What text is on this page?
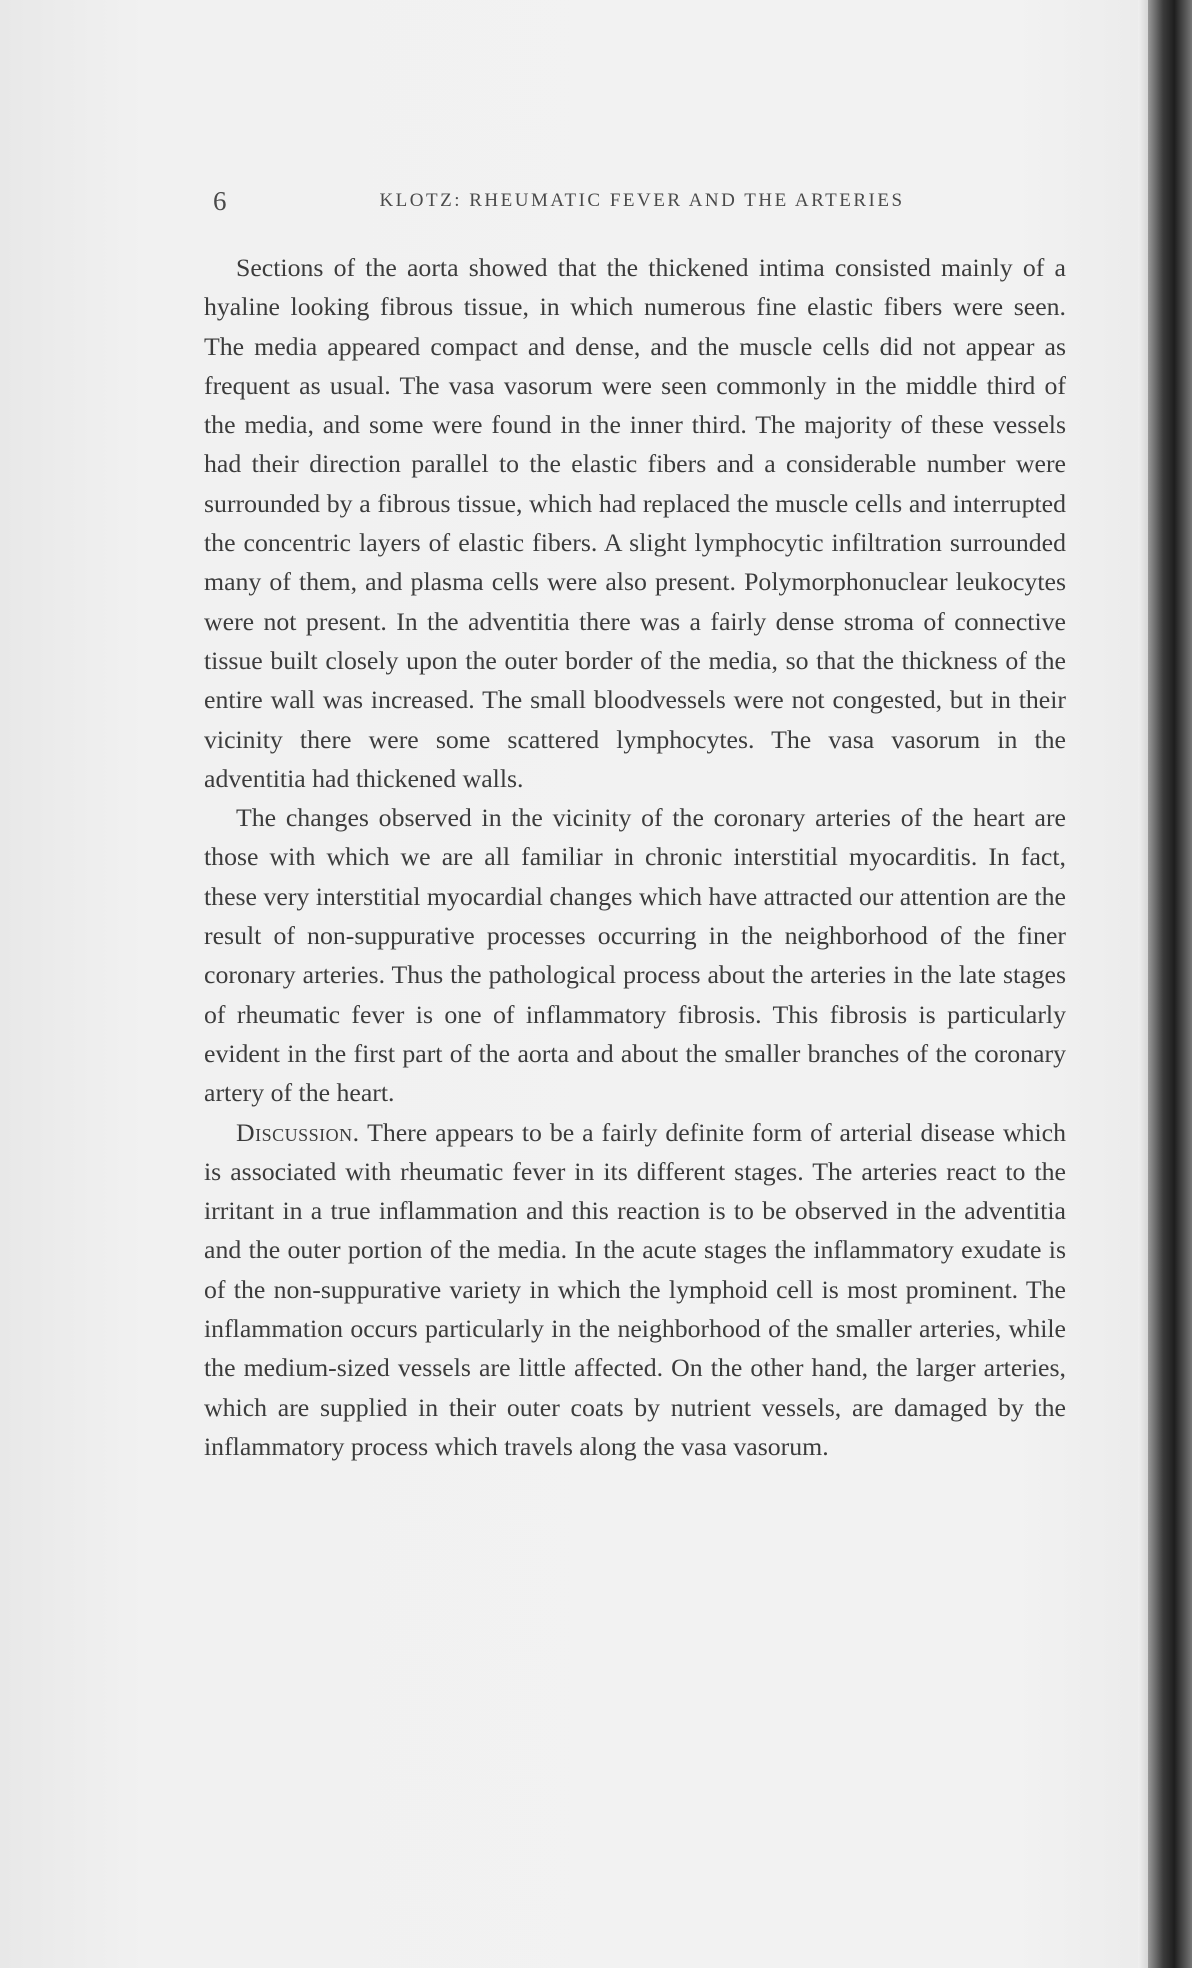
6	KLOTZ: RHEUMATIC FEVER AND THE ARTERIES

Sections of the aorta showed that the thickened intima consisted mainly of a hyaline looking fibrous tissue, in which numerous fine elastic fibers were seen. The media appeared compact and dense, and the muscle cells did not appear as frequent as usual. The vasa vasorum were seen commonly in the middle third of the media, and some were found in the inner third. The majority of these vessels had their direction parallel to the elastic fibers and a considerable number were surrounded by a fibrous tissue, which had replaced the muscle cells and interrupted the concentric layers of elastic fibers. A slight lymphocytic infiltration surrounded many of them, and plasma cells were also present. Polymorphonuclear leukocytes were not present. In the adventitia there was a fairly dense stroma of connective tissue built closely upon the outer border of the media, so that the thickness of the entire wall was increased. The small bloodvessels were not congested, but in their vicinity there were some scattered lymphocytes. The vasa vasorum in the adventitia had thickened walls.

The changes observed in the vicinity of the coronary arteries of the heart are those with which we are all familiar in chronic interstitial myocarditis. In fact, these very interstitial myocardial changes which have attracted our attention are the result of non-suppurative processes occurring in the neighborhood of the finer coronary arteries. Thus the pathological process about the arteries in the late stages of rheumatic fever is one of inflammatory fibrosis. This fibrosis is particularly evident in the first part of the aorta and about the smaller branches of the coronary artery of the heart.

Discussion. There appears to be a fairly definite form of arterial disease which is associated with rheumatic fever in its different stages. The arteries react to the irritant in a true inflammation and this reaction is to be observed in the adventitia and the outer portion of the media. In the acute stages the inflammatory exudate is of the non-suppurative variety in which the lymphoid cell is most prominent. The inflammation occurs particularly in the neighborhood of the smaller arteries, while the medium-sized vessels are little affected. On the other hand, the larger arteries, which are supplied in their outer coats by nutrient vessels, are damaged by the inflammatory process which travels along the vasa vasorum.
